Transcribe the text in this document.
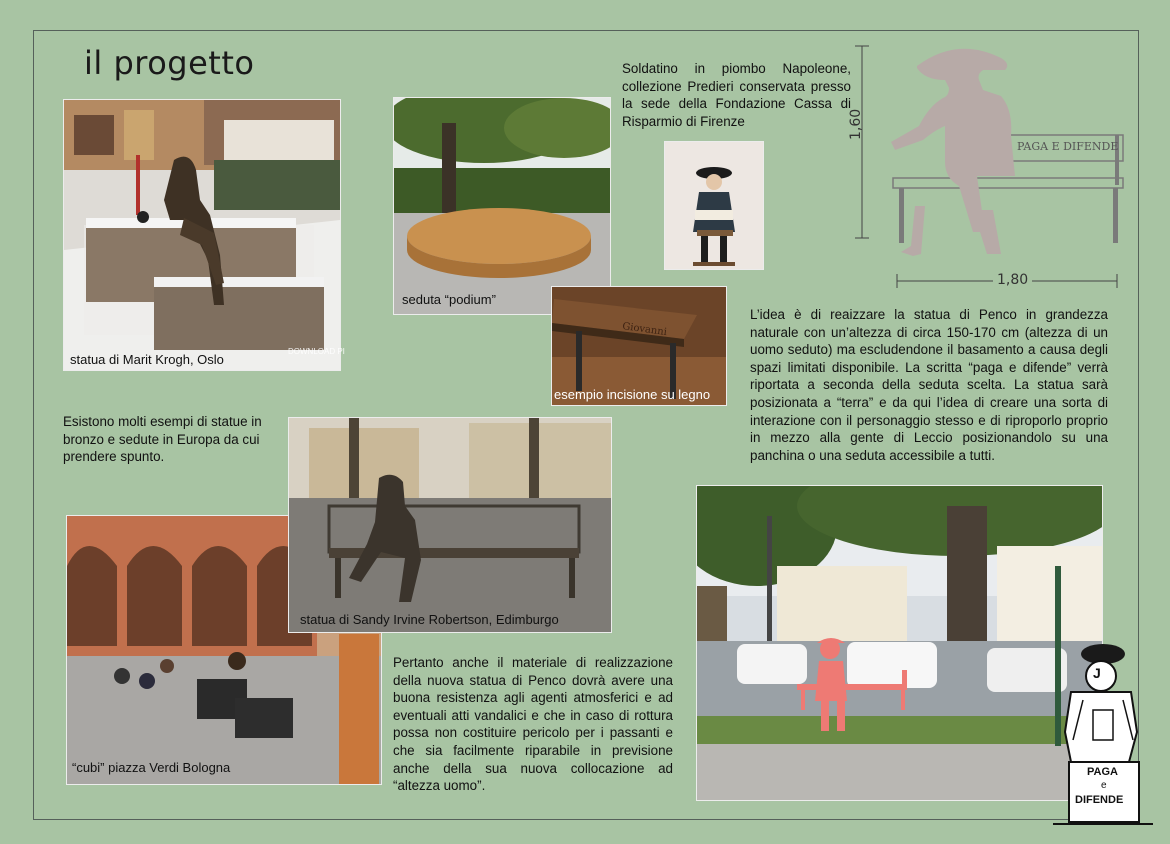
il progetto
DOWNLOAD PI
statua di Marit Krogh, Oslo
seduta “podium”
Giovanni
esempio incisione su legno
Soldatino in piombo Napoleone, collezione Predieri conservata presso la sede della Fondazione Cassa di Risparmio di Firenze	1,60
1,80
PAGA E DIFENDE
L’idea è di reaizzare la statua di Penco in grandezza naturale con un’altezza di circa 150-170 cm (altezza di un uomo seduto) ma escludendone il basamento a causa degli spazi limitati disponibile. La scritta “paga e difende” verrà riportata a seconda della seduta scelta. La statua sarà posizionata a “terra” e da qui l’idea di creare una sorta di interazione con il personaggio stesso e di riproporlo proprio in mezzo alla gente di Leccio posizionandolo su una panchina o una seduta accessibile a tutti.
Esistono molti esempi di statue in bronzo e sedute in Europa da cui prendere spunto.
“cubi” piazza Verdi Bologna
statua di Sandy Irvine Robertson, Edimburgo
Pertanto anche il materiale di realizzazione della nuova statua di Penco dovrà avere una buona resistenza agli agenti atmosferici e ad eventuali atti vandalici e che in caso di rottura possa non costituire pericolo per i passanti e che sia facilmente riparabile in previsione anche della sua nuova collocazione ad “altezza uomo”.
J
PAGA
e
DIFENDE
